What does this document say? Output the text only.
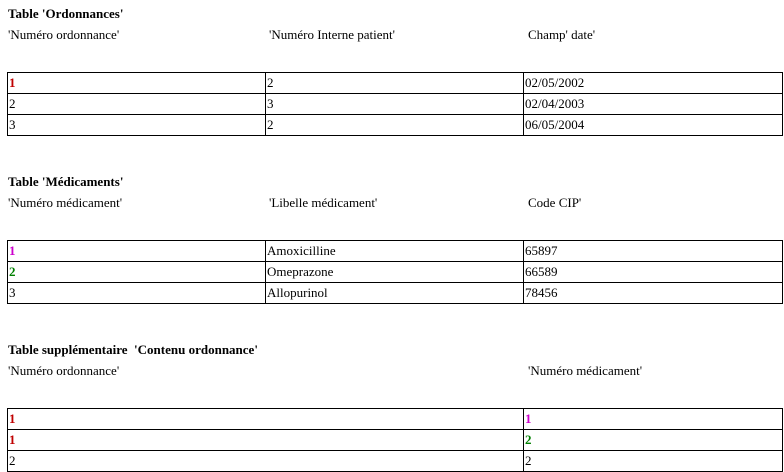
Table 'Ordonnances'
'Numéro ordonnance'	'Numéro Interne patient'	Champ' date'
1	2	02/05/2002
2	3	02/04/2003
3	2	06/05/2004
Table 'Médicaments'
'Numéro médicament'	'Libelle médicament'	Code CIP'
1	Amoxicilline	65897
2	Omeprazone	66589
3	Allopurinol	78456
Table supplémentaire  'Contenu ordonnance'
'Numéro ordonnance'	'Numéro médicament'
1	1
1	2
2	2
